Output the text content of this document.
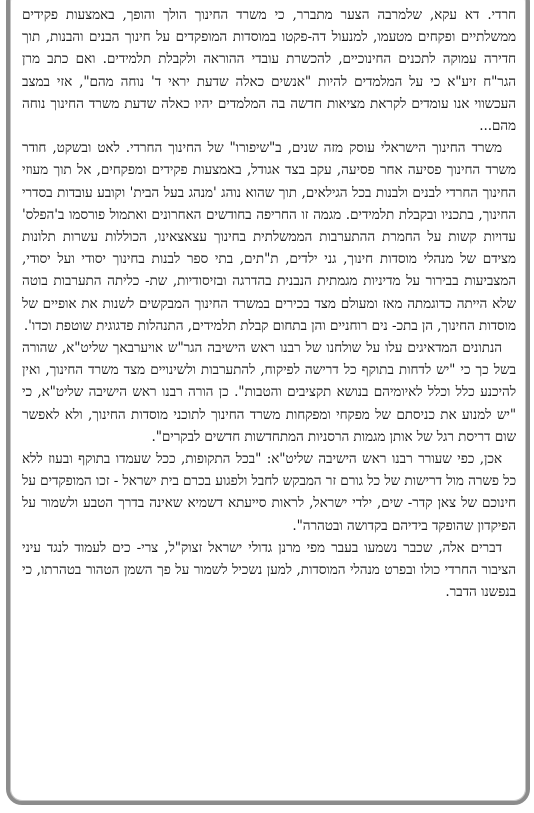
חרדי. דא עקא, שלמרבה הצער מתברר, כי משרד החינוך הולך והופך, באמצעות פקידים ממשלתיים ופקחים מטעמו, למנעול דה-פקטו במוסדות המופקדים על חינוך הבנים והבנות, תוך חדירה עמוקה לתכנים החינוכיים, להכשרת עובדי ההוראה ולקבלת תלמידים. ואם כתב מרן הגר"ח זיע"א כי על המלמדים להיות "אנשים כאלה שדעת יראי ד' נוחה מהם", אזי במצב העכשווי אנו עומדים לקראת מציאות חדשה בה המלמדים יהיו כאלה שדעת משרד החינוך נוחה מהם...

משרד החינוך הישראלי עוסק מזה שנים, ב"שיפורו" של החינוך החרדי. לאט ובשקט, חודר משרד החינוך פסיעה אחר פסיעה, עקב בצד אגודל, באמצעות פקידים ומפקחים, אל תוך מעוזי החינוך החרדי לבנים ולבנות בכל הגילאים, תוך שהוא נוהג 'מנהג בעל הבית' וקובע עובדות בסדרי החינוך, בתכניו ובקבלת תלמידים. מגמה זו החריפה בחודשים האחרונים ואתמול פורסמו ב'הפלס' עדויות קשות על החמרת ההתערבות הממשלתית בחינוך עצאצאינו, הכוללות עשרות תלונות מצידם של מנהלי מוסדות חינוך, גני ילדים, ת"תים, בתי ספר לבנות בחינוך יסודי ועל יסודי, המצביעות בבירור על מדיניות מגמתית הנבנית בהדרגה ובזיסודיות, שת- כליתה התערבות בוטה שלא הייתה כדוגמתה מאז ומעולם מצד בכירים במשרד החינוך המבקשים לשנות את אופיים של מוסדות החינוך, הן בתכ- נים רוחניים והן בתחום קבלת תלמידים, התנהלות פדגוגית שוטפת וכדו'.

הנתונים המדאיגים עלו על שולחנו של רבנו ראש הישיבה הגר"ש אויערבאך שליט"א, שהורה בשל כך כי "יש לדחות בתוקף כל דרישה לפיקוח, להתערבות ולשינויים מצד משרד החינוך, ואין להיכנע כלל וכלל לאיומיהם בנושא תקציבים והטבות". כן הורה רבנו ראש הישיבה שליט"א, כי "יש למנוע את כניסתם של מפקחי ומפקחות משרד החינוך לתוכני מוסדות החינוך, ולא לאפשר שום דריסת רגל של אותן מגמות הרסניות המתחדשות חדשים לבקרים".

אכן, כפי שעורר רבנו ראש הישיבה שליט"א: "בכל התקופות, ככל שעמדו בתוקף ובעוז ללא כל פשרה מול דרישות של כל גורם זר המבקש לחבל ולפגוע בכרם בית ישראל - זכו המופקדים על חינוכם של צאן קדר- שים, ילדי ישראל, לראות סייעתא דשמיא שאינה בדרך הטבע ולשמור על הפיקדון שהופקד בידיהם בקדושה ובטהרה".

דברים אלה, שכבר נשמעו בעבר מפי מרנן גדולי ישראל זצוק"ל, צרי- כים לעמוד לנגד עיני הציבור החרדי כולו ובפרט מנהלי המוסדות, למען נשכיל לשמור על פך השמן הטהור בטהרתו, כי בנפשנו הדבר.
